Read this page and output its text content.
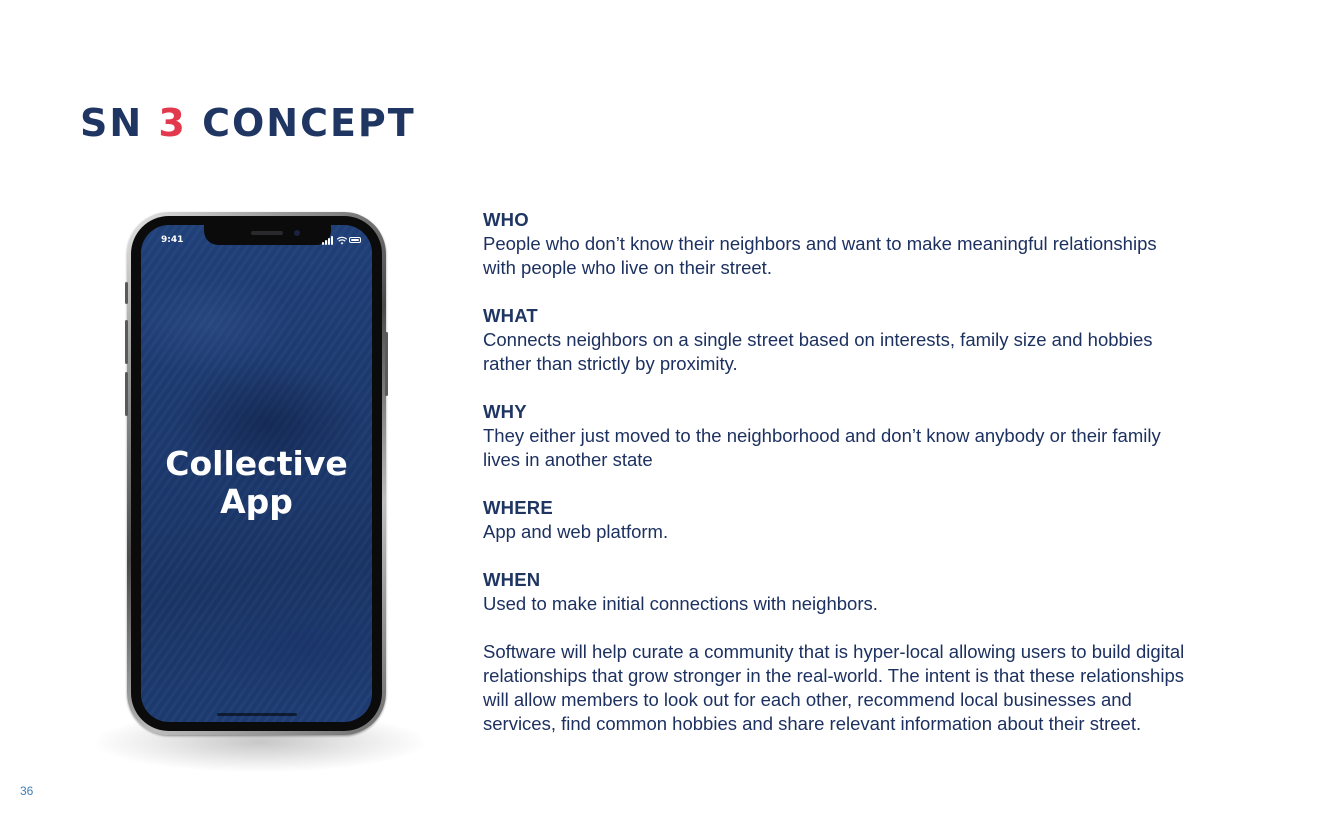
SN 3 CONCEPT
9:41
Collective
App
WHO
People who don’t know their neighbors and want to make meaningful relationships
with people who live on their street.
WHAT
Connects neighbors on a single street based on interests, family size and hobbies
rather than strictly by proximity.
WHY
They either just moved to the neighborhood and don’t know anybody or their family
lives in another state
WHERE
App and web platform.
WHEN
Used to make initial connections with neighbors.
Software will help curate a community that is hyper-local allowing users to build digital
relationships that grow stronger in the real-world. The intent is that these relationships
will allow members to look out for each other, recommend local businesses and
services, find common hobbies and share relevant information about their street.
36
